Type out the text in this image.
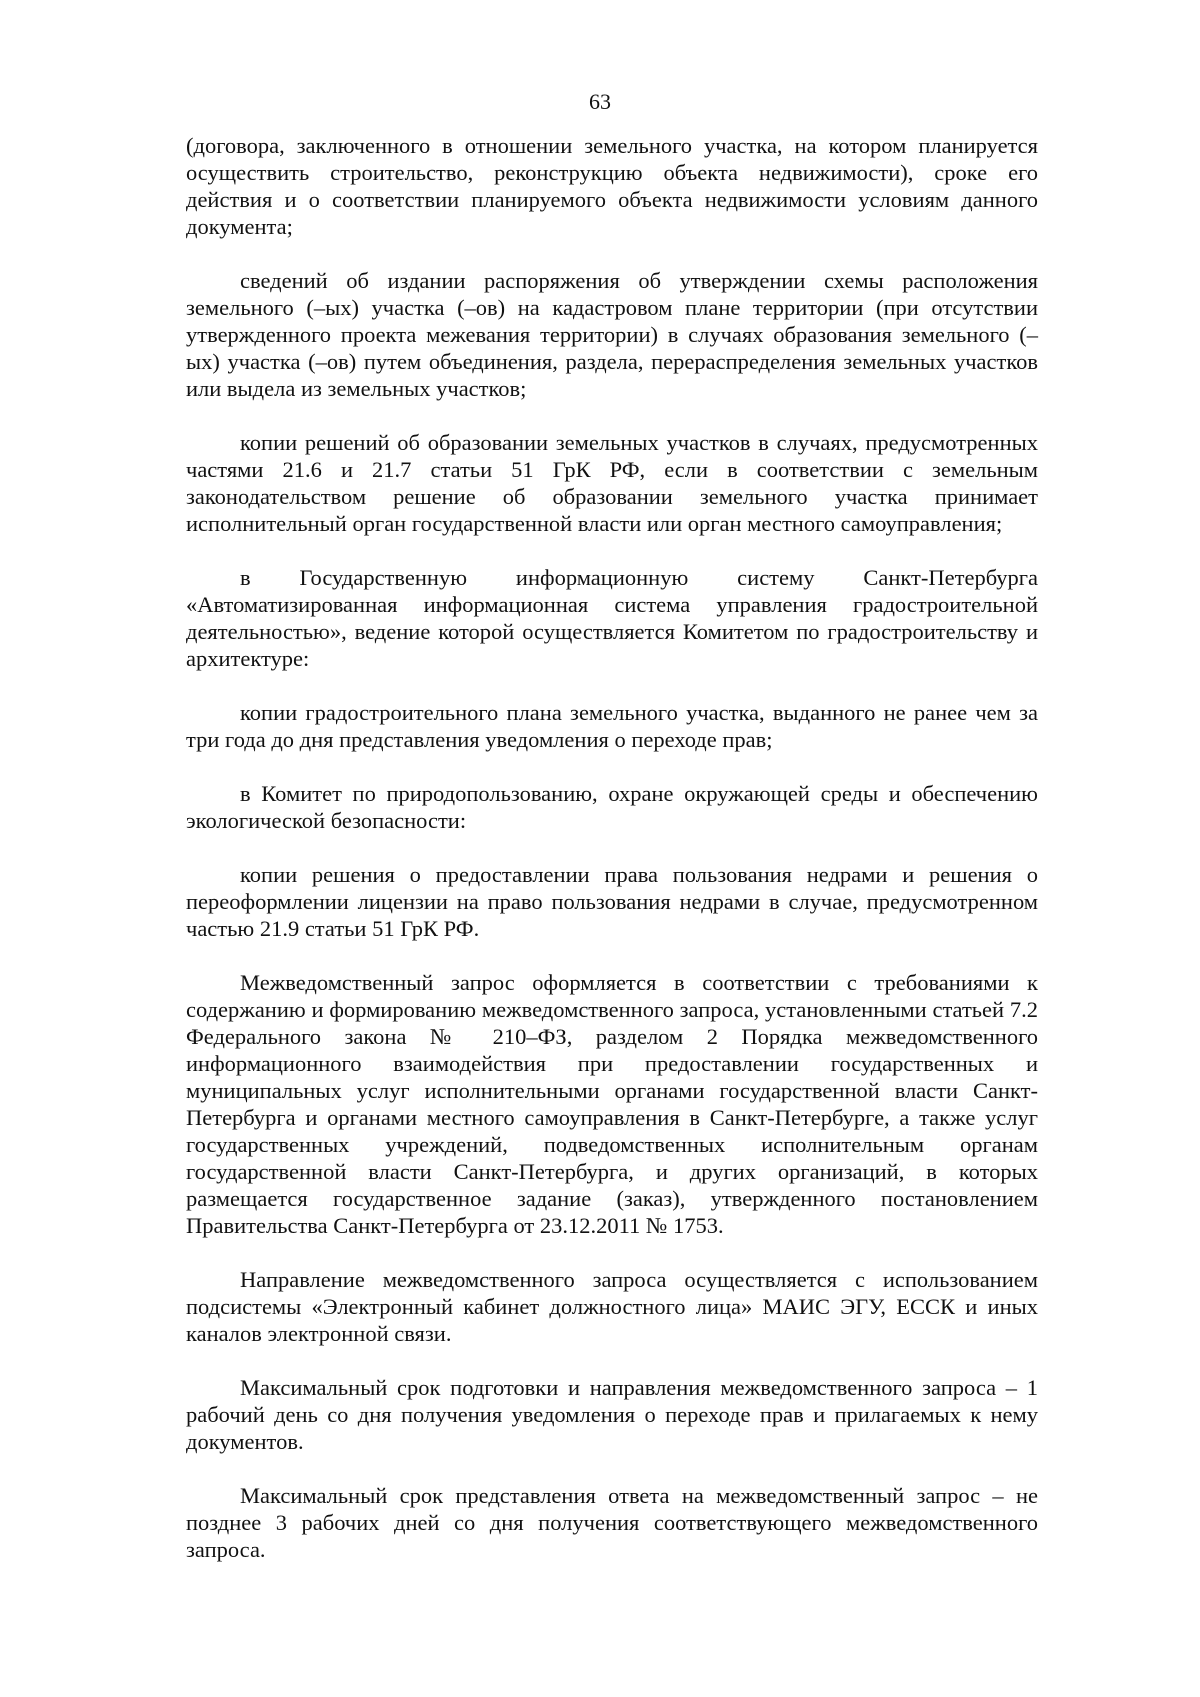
63

(договора, заключенного в отношении земельного участка, на котором планируется осуществить строительство, реконструкцию объекта недвижимости), сроке его действия и о соответствии планируемого объекта недвижимости условиям данного документа;

сведений об издании распоряжения об утверждении схемы расположения земельного (–ых) участка (–ов) на кадастровом плане территории (при отсутствии утвержденного проекта межевания территории) в случаях образования земельного (–ых) участка (–ов) путем объединения, раздела, перераспределения земельных участков или выдела из земельных участков;

копии решений об образовании земельных участков в случаях, предусмотренных частями 21.6 и 21.7 статьи 51 ГрК РФ, если в соответствии с земельным законодательством решение об образовании земельного участка принимает исполнительный орган государственной власти или орган местного самоуправления;

в Государственную информационную систему Санкт-Петербурга «Автоматизированная информационная система управления градостроительной деятельностью», ведение которой осуществляется Комитетом по градостроительству и архитектуре:

копии градостроительного плана земельного участка, выданного не ранее чем за три года до дня представления уведомления о переходе прав;

в Комитет по природопользованию, охране окружающей среды и обеспечению экологической безопасности:

копии решения о предоставлении права пользования недрами и решения о переоформлении лицензии на право пользования недрами в случае, предусмотренном частью 21.9 статьи 51 ГрК РФ.

Межведомственный запрос оформляется в соответствии с требованиями к содержанию и формированию межведомственного запроса, установленными статьей 7.2 Федерального закона № 210–ФЗ, разделом 2 Порядка межведомственного информационного взаимодействия при предоставлении государственных и муниципальных услуг исполнительными органами государственной власти Санкт-Петербурга и органами местного самоуправления в Санкт-Петербурге, а также услуг государственных учреждений, подведомственных исполнительным органам государственной власти Санкт-Петербурга, и других организаций, в которых размещается государственное задание (заказ), утвержденного постановлением Правительства Санкт-Петербурга от 23.12.2011 № 1753.

Направление межведомственного запроса осуществляется с использованием подсистемы «Электронный кабинет должностного лица» МАИС ЭГУ, ЕССК и иных каналов электронной связи.

Максимальный срок подготовки и направления межведомственного запроса – 1 рабочий день со дня получения уведомления о переходе прав и прилагаемых к нему документов.

Максимальный срок представления ответа на межведомственный запрос – не позднее 3 рабочих дней со дня получения соответствующего межведомственного запроса.
